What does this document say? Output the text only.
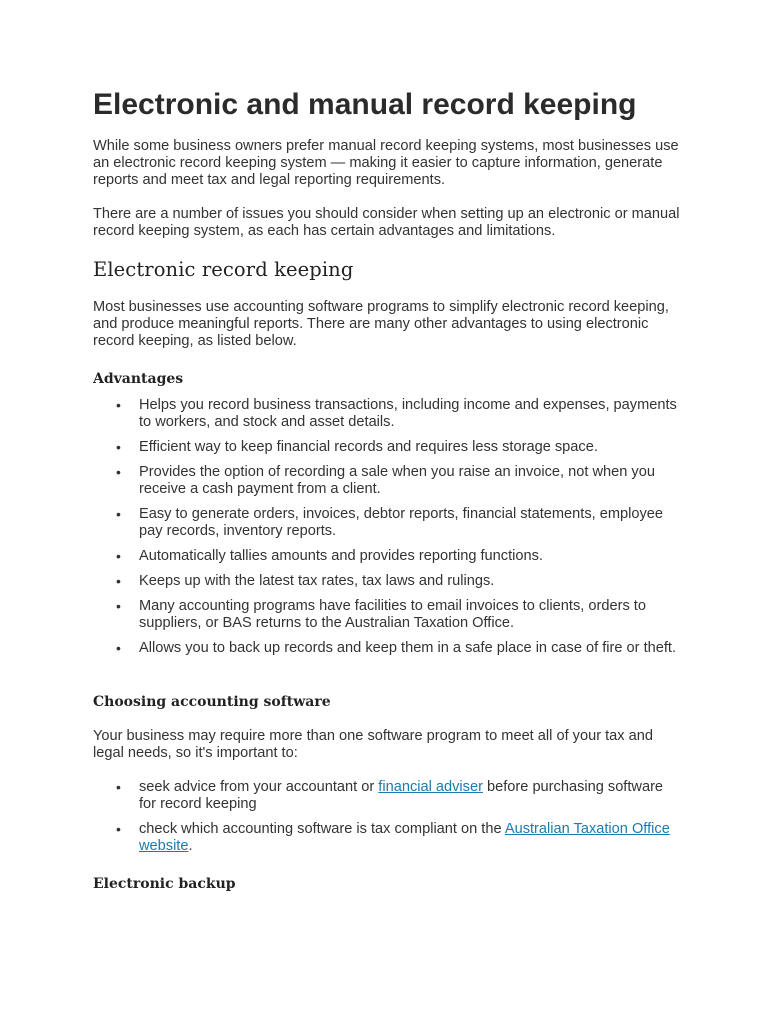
Electronic and manual record keeping

While some business owners prefer manual record keeping systems, most businesses use an electronic record keeping system — making it easier to capture information, generate reports and meet tax and legal reporting requirements.

There are a number of issues you should consider when setting up an electronic or manual record keeping system, as each has certain advantages and limitations.

Electronic record keeping

Most businesses use accounting software programs to simplify electronic record keeping, and produce meaningful reports. There are many other advantages to using electronic record keeping, as listed below.

Advantages
• Helps you record business transactions, including income and expenses, payments to workers, and stock and asset details.
• Efficient way to keep financial records and requires less storage space.
• Provides the option of recording a sale when you raise an invoice, not when you receive a cash payment from a client.
• Easy to generate orders, invoices, debtor reports, financial statements, employee pay records, inventory reports.
• Automatically tallies amounts and provides reporting functions.
• Keeps up with the latest tax rates, tax laws and rulings.
• Many accounting programs have facilities to email invoices to clients, orders to suppliers, or BAS returns to the Australian Taxation Office.
• Allows you to back up records and keep them in a safe place in case of fire or theft.
Choosing accounting software

Your business may require more than one software program to meet all of your tax and legal needs, so it's important to:

• seek advice from your accountant or financial adviser before purchasing software for record keeping
• check which accounting software is tax compliant on the Australian Taxation Office website.
Electronic backup
